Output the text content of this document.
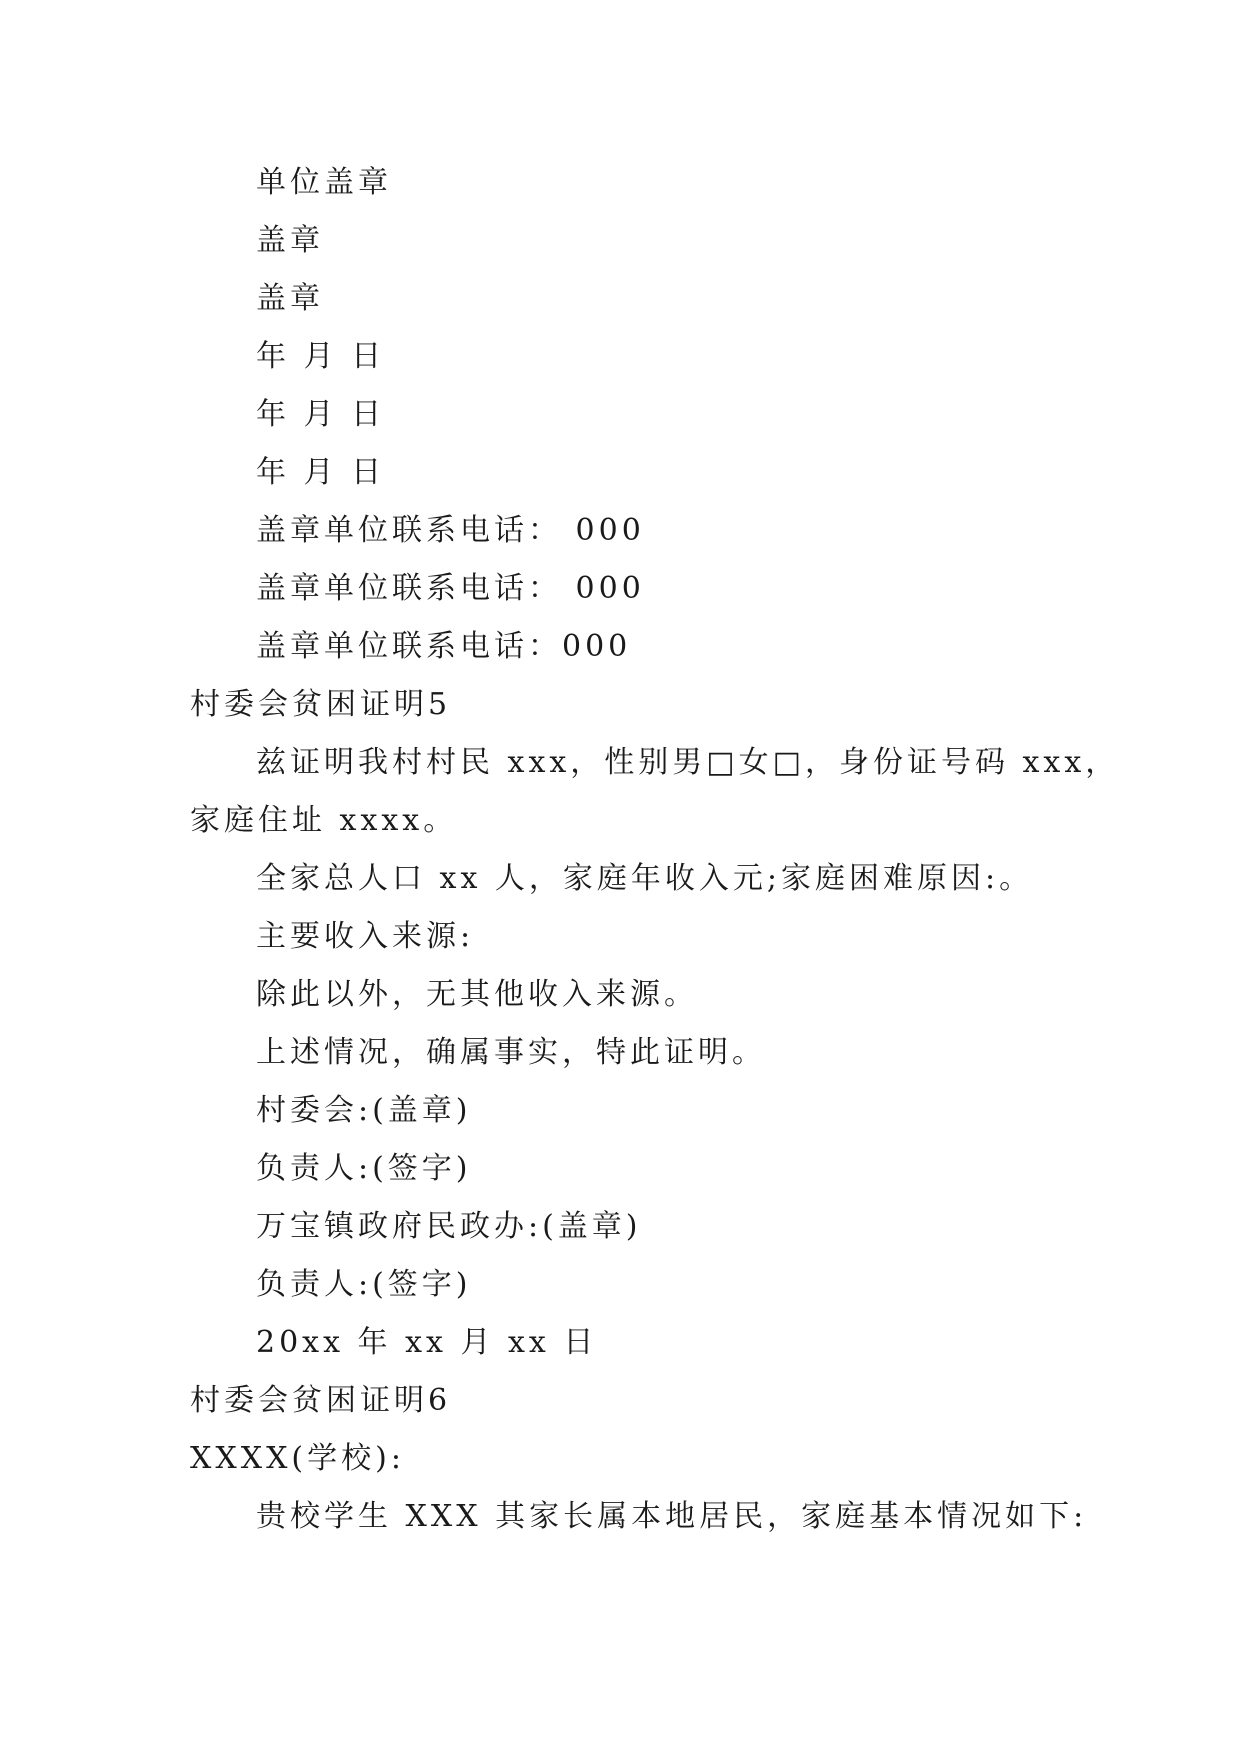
单位盖章
盖章
盖章
年 月 日
年 月 日
年 月 日
盖章单位联系电话： 000
盖章单位联系电话： 000
盖章单位联系电话：000
村委会贫困证明5
兹证明我村村民 xxx，性别男□女□，身份证号码 xxx，
家庭住址 xxxx。
全家总人口 xx 人，家庭年收入元;家庭困难原因:。
主要收入来源:
除此以外，无其他收入来源。
上述情况，确属事实，特此证明。
村委会:(盖章)
负责人:(签字)
万宝镇政府民政办:(盖章)
负责人:(签字)
20xx 年 xx 月 xx 日
村委会贫困证明6
XXXX(学校):
贵校学生 XXX 其家长属本地居民，家庭基本情况如下:
